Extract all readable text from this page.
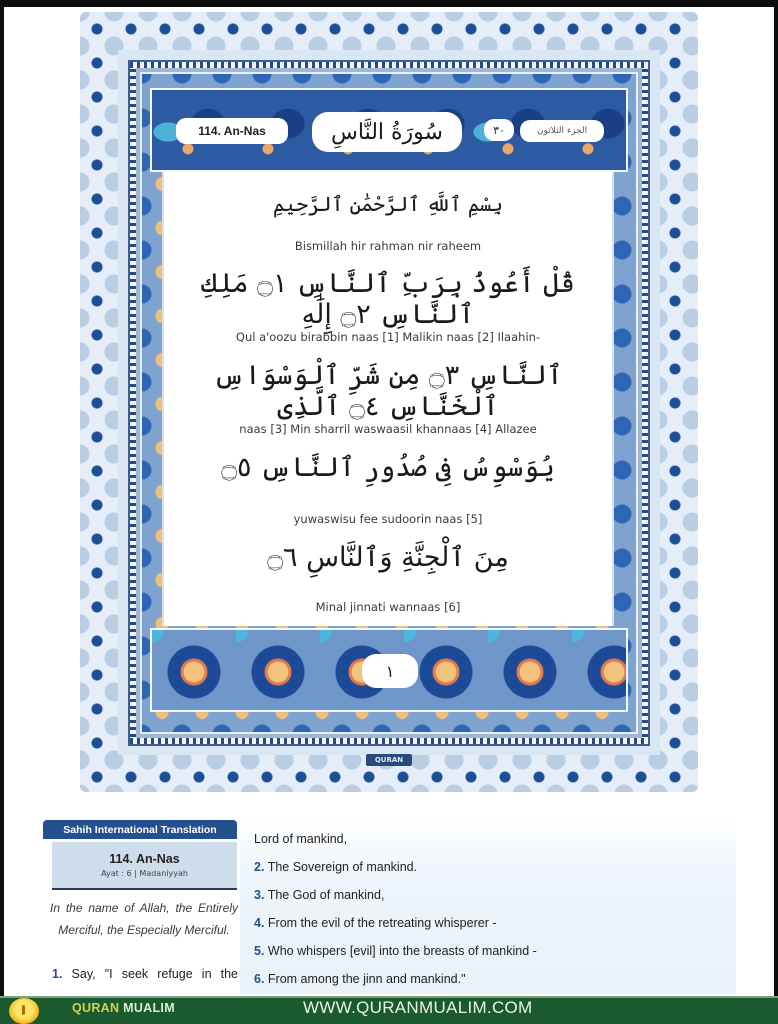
114. An-Nas	سُورَةُ النَّاسِ	٣٠	الجزء الثلاثون
بِسْمِ ٱللَّهِ ٱلرَّحْمَٰنِ ٱلرَّحِيمِ
Bismillah hir rahman nir raheem
قُلْ أَعُوذُ بِرَبِّ ٱلنَّاسِ ۝١ مَلِكِ ٱلنَّاسِ ۝٢ إِلَٰهِ
Qul a'oozu birabbin naas [1] Malikin naas [2] Ilaahin-
ٱلنَّاسِ ۝٣ مِن شَرِّ ٱلْوَسْوَاسِ ٱلْخَنَّاسِ ۝٤ ٱلَّذِى
naas [3] Min sharril waswaasil khannaas [4] Allazee
يُوَسْوِسُ فِى صُدُورِ ٱلنَّاسِ ۝٥
yuwaswisu fee sudoorin naas [5]
مِنَ ٱلْجِنَّةِ وَٱلنَّاسِ ۝٦
Minal jinnati wannaas [6]
١
QURAN
Sahih International Translation
114. An-Nas
Ayat : 6 | Madaniyyah
In the name of Allah, the Entirely Merciful, the Especially Merciful.
1. Say, "I seek refuge in the
Lord of mankind,
2. The Sovereign of mankind.
3. The God of mankind,
4. From the evil of the retreating whisperer -
5. Who whispers [evil] into the breasts of mankind -
6. From among the jinn and mankind."
QURAN MUALIM	WWW.QURANMUALIM.COM
